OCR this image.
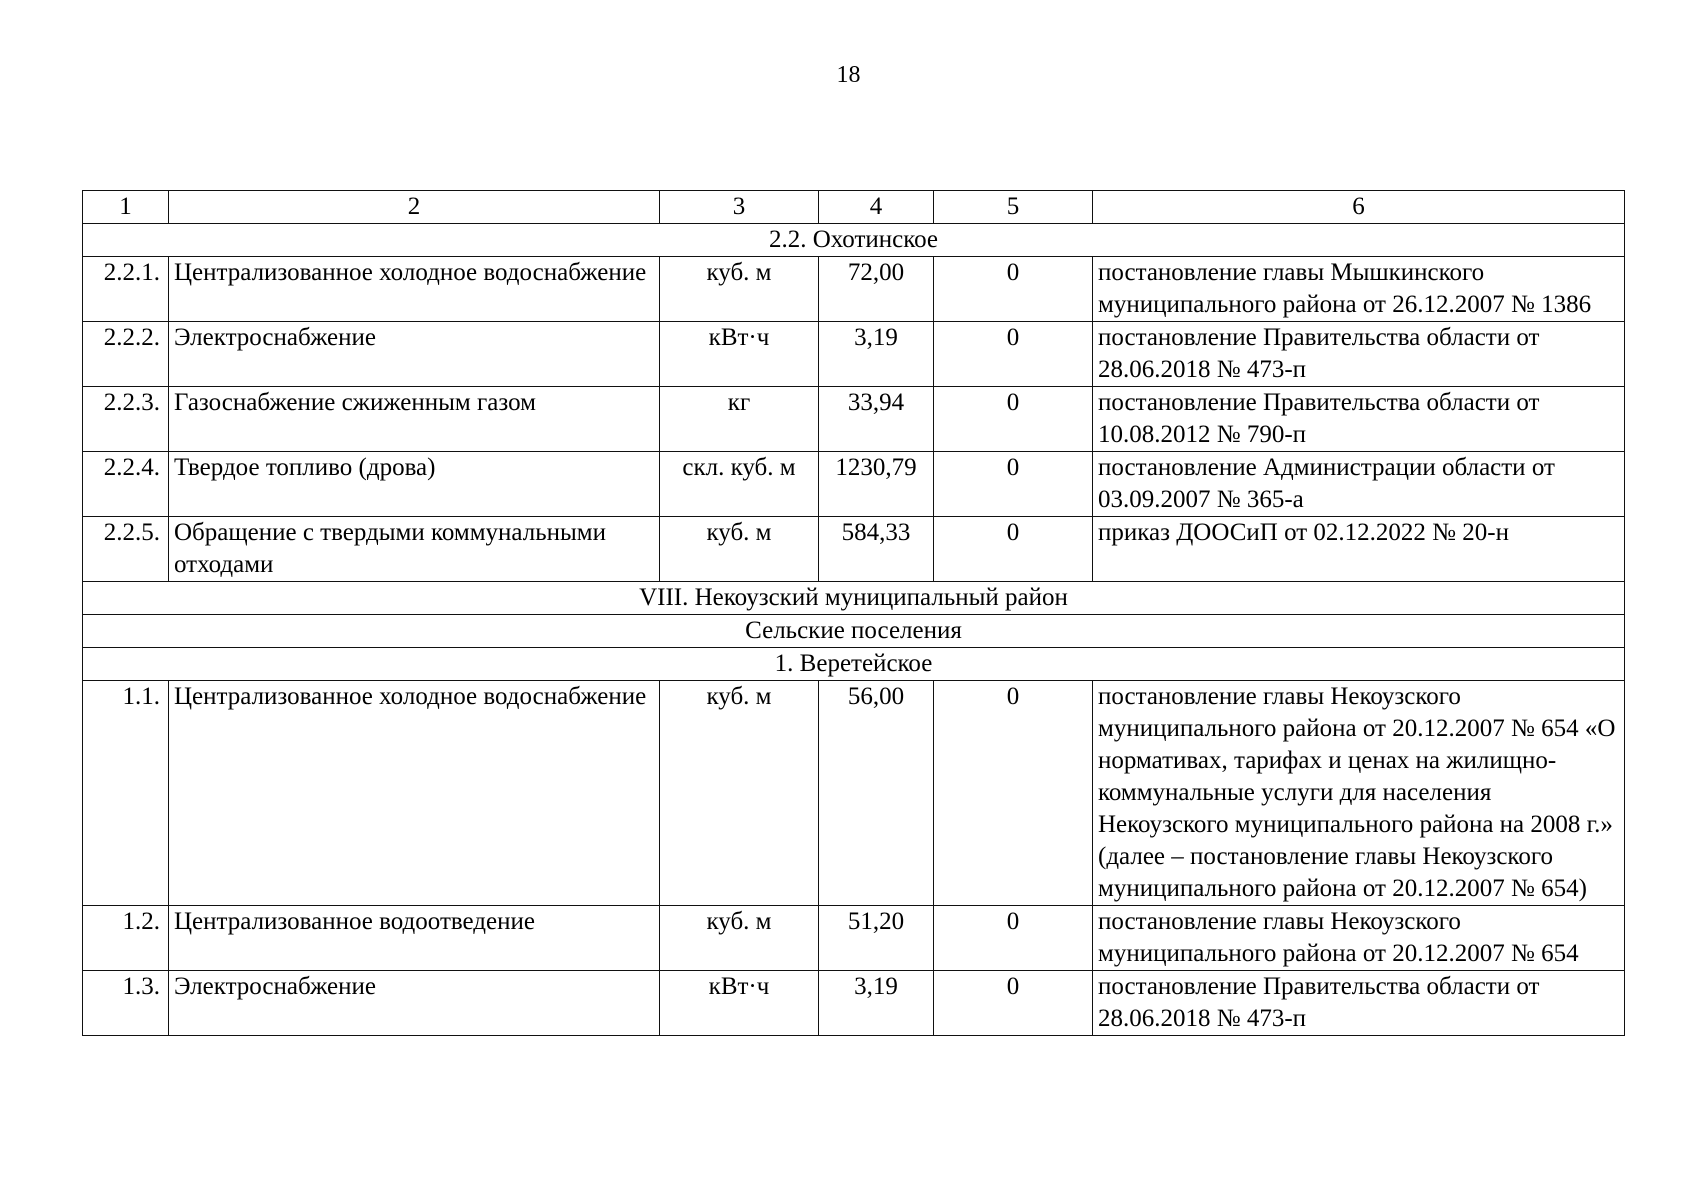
18
1	2	3	4	5	6
2.2. Охотинское					
2.2.1.	Централизованное холодное водоснабжение	куб. м	72,00	0	постановление главы Мышкинского муниципального района от 26.12.2007 № 1386
2.2.2.	Электроснабжение	кВт·ч	3,19	0	постановление Правительства области от 28.06.2018 № 473-п
2.2.3.	Газоснабжение сжиженным газом	кг	33,94	0	постановление Правительства области от 10.08.2012 № 790-п
2.2.4.	Твердое топливо (дрова)	скл. куб. м	1230,79	0	постановление Администрации области от 03.09.2007 № 365-а
2.2.5.	Обращение с твердыми коммунальными отходами	куб. м	584,33	0	приказ ДООСиП от 02.12.2022 № 20-н
VIII. Некоузский муниципальный район					
Сельские поселения					
1. Веретейское					
1.1.	Централизованное холодное водоснабжение	куб. м	56,00	0	постановление главы Некоузского муниципального района от 20.12.2007 № 654 «О нормативах, тарифах и ценах на жилищно-коммунальные услуги для населения Некоузского муниципального района на 2008 г.» (далее – постановление главы Некоузского муниципального района от 20.12.2007 № 654)
1.2.	Централизованное водоотведение	куб. м	51,20	0	постановление главы Некоузского муниципального района от 20.12.2007 № 654
1.3.	Электроснабжение	кВт·ч	3,19	0	постановление Правительства области от 28.06.2018 № 473-п
